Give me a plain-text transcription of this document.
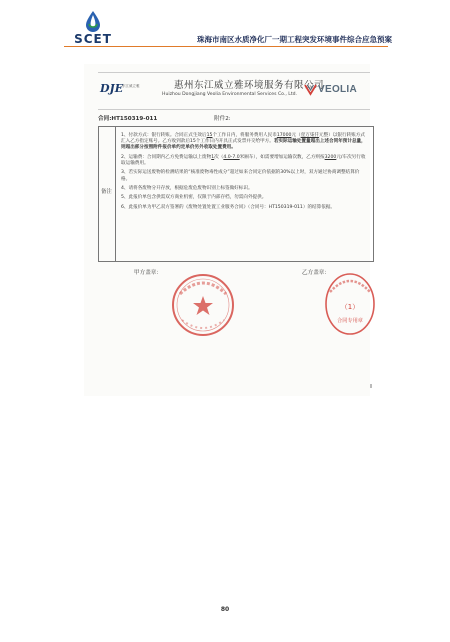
SCET	珠海市南区水质净化厂一期工程突发环境事件综合应急预案
DJE
东江威立雅	惠州东江威立雅环境服务有限公司
Huizhou Dongjiang Veolia Environmental Services Co., Ltd. VEOLIA
合同:HT150319-011	附件2:
备注

1、付款方式：银行转账。合同正式生效后15个工作日内，将服务费用人民币17000元（壹万柒仟元整）以银行转账方式汇入乙方指定账号。乙方收到款后15个工作日内开具正式发票并交给甲方。若实际运输处置量超出上述合同年预计总量，则超出部分按照附件报价单约定单价另外收取处置费用。

2、运输费：合同期内乙方免费运输以上废物1次（4.0-7.0米厢车），如需要增加运输次数，乙方则按3200元/车次另行收取运输费用。

3、若实际运送废物的检测结果的“核准废物毒性成分”超过如来合同定价依据的30%以上时，双方通过协商调整结算价格。

4、请将各废物分开存放，根据危废危废物识别上标签做好标识。

5、此报价单包含供需双方商业机密，仅限于内部存档，勿需向外提供。

6、此报价单为甲乙双方签署的《废物处置处置工业服务合同》（合同号：HT150319-011）的结算依据。

甲方盖章：	乙方盖章：
（1）
合同专用章
80
